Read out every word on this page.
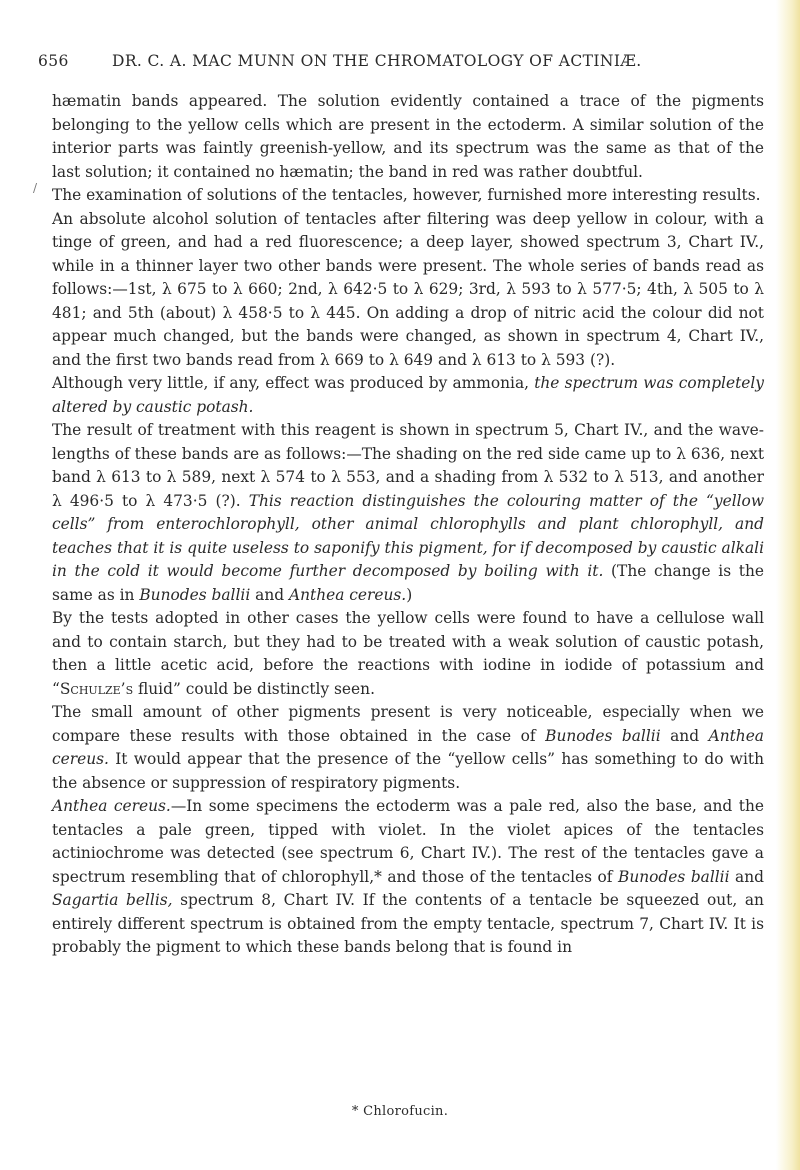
656	DR. C. A. MAC MUNN ON THE CHROMATOLOGY OF ACTINIÆ.
/

hæmatin bands appeared. The solution evidently contained a trace of the pigments belonging to the yellow cells which are present in the ectoderm. A similar solution of the interior parts was faintly greenish-yellow, and its spectrum was the same as that of the last solution; it contained no hæmatin; the band in red was rather doubtful.

The examination of solutions of the tentacles, however, furnished more interesting results.

An absolute alcohol solution of tentacles after filtering was deep yellow in colour, with a tinge of green, and had a red fluorescence; a deep layer, showed spectrum 3, Chart IV., while in a thinner layer two other bands were present. The whole series of bands read as follows:—1st, λ 675 to λ 660; 2nd, λ 642·5 to λ 629; 3rd, λ 593 to λ 577·5; 4th, λ 505 to λ 481; and 5th (about) λ 458·5 to λ 445. On adding a drop of nitric acid the colour did not appear much changed, but the bands were changed, as shown in spectrum 4, Chart IV., and the first two bands read from λ 669 to λ 649 and λ 613 to λ 593 (?).

Although very little, if any, effect was produced by ammonia, the spectrum was completely altered by caustic potash.

The result of treatment with this reagent is shown in spectrum 5, Chart IV., and the wave-lengths of these bands are as follows:—The shading on the red side came up to λ 636, next band λ 613 to λ 589, next λ 574 to λ 553, and a shading from λ 532 to λ 513, and another λ 496·5 to λ 473·5 (?). This reaction distinguishes the colouring matter of the “yellow cells” from enterochlorophyll, other animal chlorophylls and plant chlorophyll, and teaches that it is quite useless to saponify this pigment, for if decomposed by caustic alkali in the cold it would become further decomposed by boiling with it. (The change is the same as in Bunodes ballii and Anthea cereus.)

By the tests adopted in other cases the yellow cells were found to have a cellulose wall and to contain starch, but they had to be treated with a weak solution of caustic potash, then a little acetic acid, before the reactions with iodine in iodide of potassium and “Schulze’s fluid” could be distinctly seen.

The small amount of other pigments present is very noticeable, especially when we compare these results with those obtained in the case of Bunodes ballii and Anthea cereus. It would appear that the presence of the “yellow cells” has something to do with the absence or suppression of respiratory pigments.

Anthea cereus.—In some specimens the ectoderm was a pale red, also the base, and the tentacles a pale green, tipped with violet. In the violet apices of the tentacles actiniochrome was detected (see spectrum 6, Chart IV.). The rest of the tentacles gave a spectrum resembling that of chlorophyll,* and those of the tentacles of Bunodes ballii and Sagartia bellis, spectrum 8, Chart IV. If the contents of a tentacle be squeezed out, an entirely different spectrum is obtained from the empty tentacle, spectrum 7, Chart IV. It is probably the pigment to which these bands belong that is found in

* Chlorofucin.
